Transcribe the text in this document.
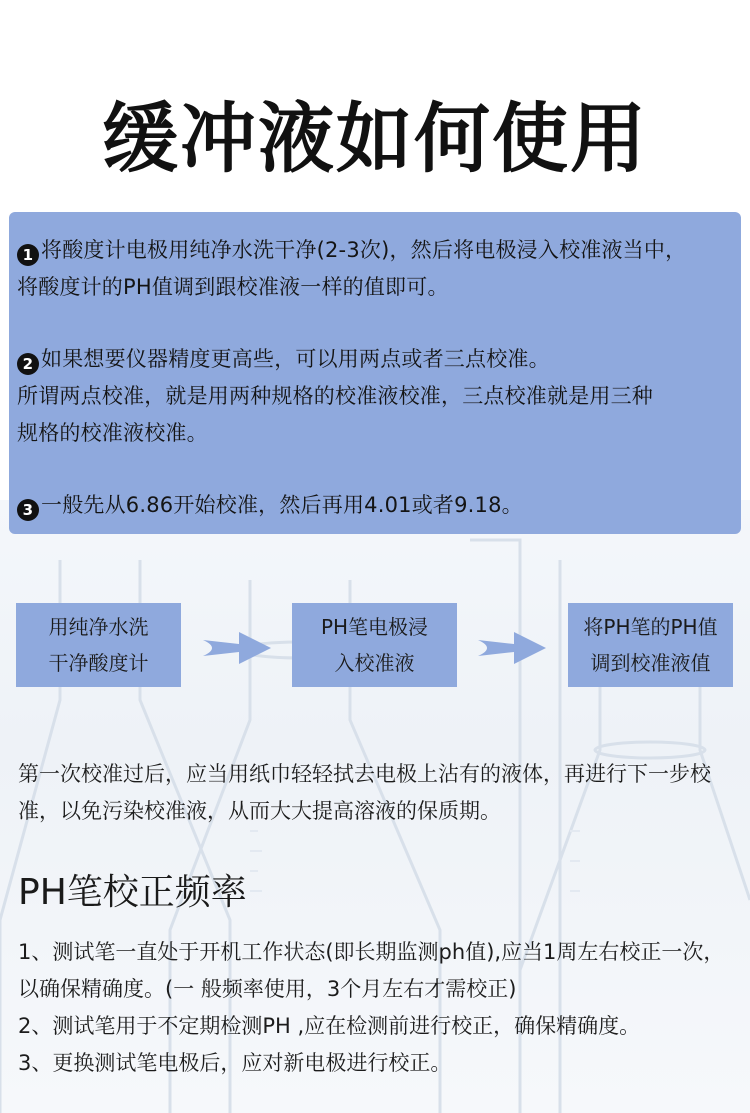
缓冲液如何使用

1 将酸度计电极用纯净水洗干净(2-3次)，然后将电极浸入校准液当中，

将酸度计的PH值调到跟校准液一样的值即可。

2 如果想要仪器精度更高些，可以用两点或者三点校准。

所谓两点校准，就是用两种规格的校准液校准，三点校准就是用三种

规格的校准液校准。

3 一般先从6.86开始校准，然后再用4.01或者9.18。

用纯净水洗
干净酸度计
PH笔电极浸
入校准液
将PH笔的PH值
调到校准液值

第一次校准过后，应当用纸巾轻轻拭去电极上沾有的液体，再进行下一步校准，以免污染校准液，从而大大提高溶液的保质期。

PH笔校正频率
1、测试笔一直处于开机工作状态(即长期监测ph值),应当1周左右校正一次，以确保精确度。(一 般频率使用，3个月左右才需校正)
2、测试笔用于不定期检测PH ,应在检测前进行校正，确保精确度。
3、更换测试笔电极后，应对新电极进行校正。
